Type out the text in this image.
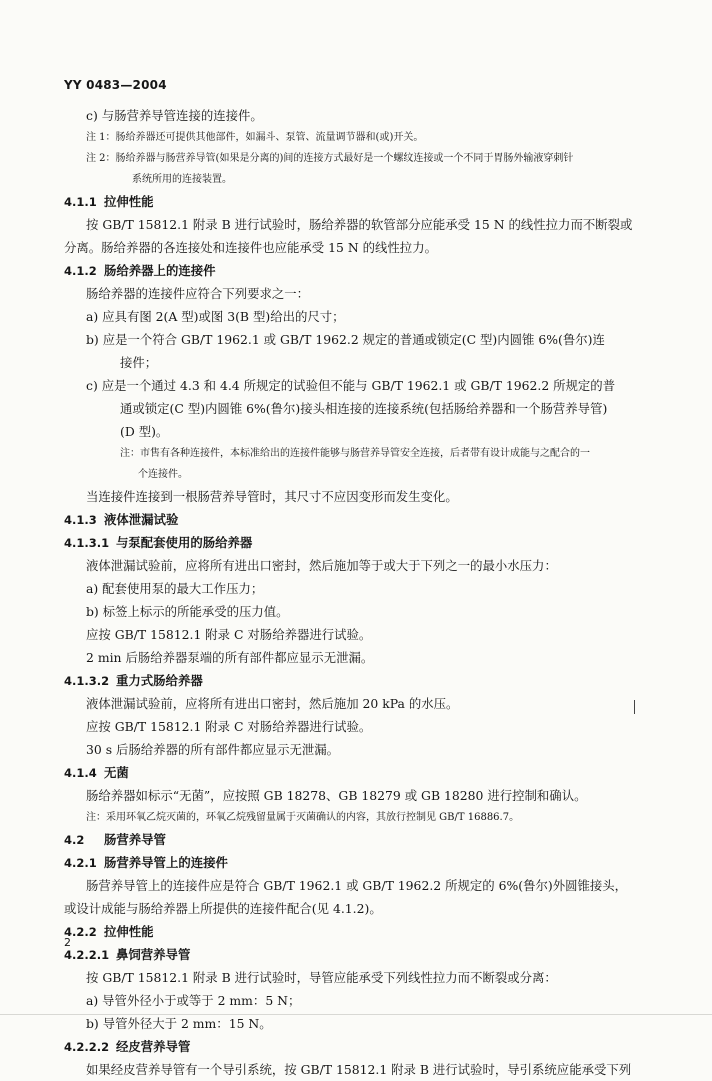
YY 0483—2004
c) 与肠营养导管连接的连接件。
注 1：肠给养器还可提供其他部件，如漏斗、泵管、流量调节器和(或)开关。
注 2：肠给养器与肠营养导管(如果是分离的)间的连接方式最好是一个螺纹连接或一个不同于胃肠外输液穿刺针
系统所用的连接装置。
4.1.1 拉伸性能
按 GB/T 15812.1 附录 B 进行试验时，肠给养器的软管部分应能承受 15 N 的线性拉力而不断裂或
分离。肠给养器的各连接处和连接件也应能承受 15 N 的线性拉力。
4.1.2 肠给养器上的连接件
肠给养器的连接件应符合下列要求之一：
a) 应具有图 2(A 型)或图 3(B 型)给出的尺寸；
b) 应是一个符合 GB/T 1962.1 或 GB/T 1962.2 规定的普通或锁定(C 型)内圆锥 6%(鲁尔)连
接件；
c) 应是一个通过 4.3 和 4.4 所规定的试验但不能与 GB/T 1962.1 或 GB/T 1962.2 所规定的普
通或锁定(C 型)内圆锥 6%(鲁尔)接头相连接的连接系统(包括肠给养器和一个肠营养导管)
(D 型)。
注：市售有各种连接件，本标准给出的连接件能够与肠营养导管安全连接，后者带有设计成能与之配合的一
个连接件。
当连接件连接到一根肠营养导管时，其尺寸不应因变形而发生变化。
4.1.3 液体泄漏试验
4.1.3.1 与泵配套使用的肠给养器
液体泄漏试验前，应将所有进出口密封，然后施加等于或大于下列之一的最小水压力：
a) 配套使用泵的最大工作压力；
b) 标签上标示的所能承受的压力值。
应按 GB/T 15812.1 附录 C 对肠给养器进行试验。
2 min 后肠给养器泵端的所有部件都应显示无泄漏。
4.1.3.2 重力式肠给养器
液体泄漏试验前，应将所有进出口密封，然后施加 20 kPa 的水压。
应按 GB/T 15812.1 附录 C 对肠给养器进行试验。
30 s 后肠给养器的所有部件都应显示无泄漏。
4.1.4 无菌
肠给养器如标示“无菌”，应按照 GB 18278、GB 18279 或 GB 18280 进行控制和确认。
注：采用环氧乙烷灭菌的，环氧乙烷残留量属于灭菌确认的内容，其放行控制见 GB/T 16886.7。
4.2 肠营养导管
4.2.1 肠营养导管上的连接件
肠营养导管上的连接件应是符合 GB/T 1962.1 或 GB/T 1962.2 所规定的 6%(鲁尔)外圆锥接头，
或设计成能与肠给养器上所提供的连接件配合(见 4.1.2)。
4.2.2 拉伸性能
4.2.2.1 鼻饲营养导管
按 GB/T 15812.1 附录 B 进行试验时，导管应能承受下列线性拉力而不断裂或分离：
a) 导管外径小于或等于 2 mm：5 N；
b) 导管外径大于 2 mm：15 N。
4.2.2.2 经皮营养导管
如果经皮营养导管有一个导引系统，按 GB/T 15812.1 附录 B 进行试验时，导引系统应能承受下列
2
